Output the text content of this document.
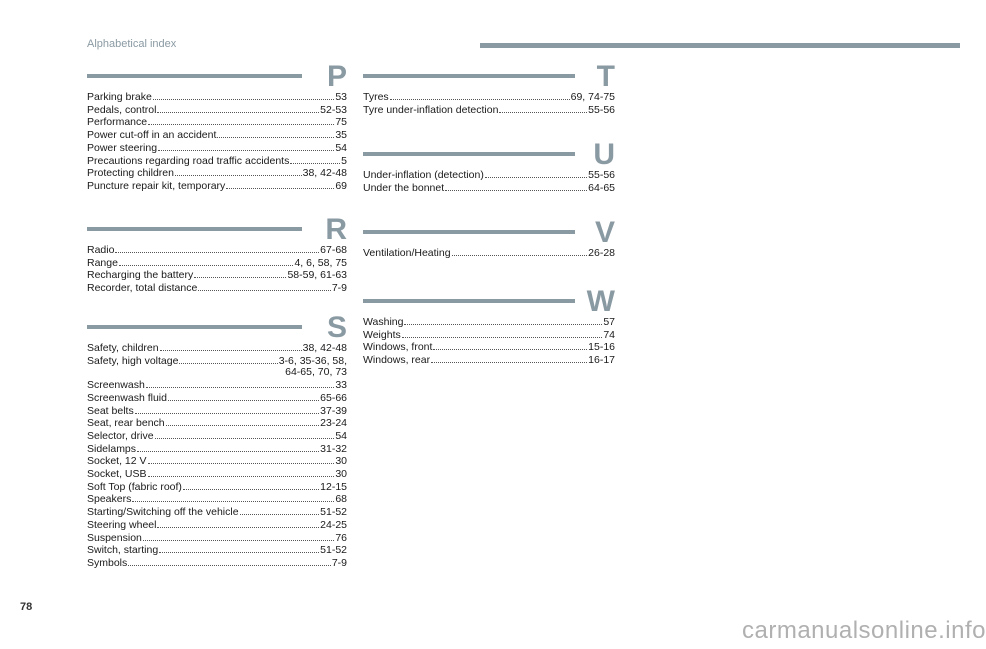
Alphabetical index
P
Parking brake	53
Pedals, control	52-53
Performance	75
Power cut-off in an accident	35
Power steering	54
Precautions regarding road traffic accidents	5
Protecting children	38, 42-48
Puncture repair kit, temporary	69
R
Radio	67-68
Range	4, 6, 58, 75
Recharging the battery	58-59, 61-63
Recorder, total distance	7-9
S
Safety, children	38, 42-48
Safety, high voltage	3-6, 35-36, 58,
64-65, 70, 73
Screenwash	33
Screenwash fluid	65-66
Seat belts	37-39
Seat, rear bench	23-24
Selector, drive	54
Sidelamps	31-32
Socket, 12 V	30
Socket, USB	30
Soft Top (fabric roof)	12-15
Speakers	68
Starting/Switching off the vehicle	51-52
Steering wheel	24-25
Suspension	76
Switch, starting	51-52
Symbols	7-9
T
Tyres	69, 74-75
Tyre under-inflation detection	55-56
U
Under-inflation (detection)	55-56
Under the bonnet	64-65
V
Ventilation/Heating	26-28
W
Washing	57
Weights	74
Windows, front	15-16
Windows, rear	16-17
78
carmanualsonline.info
